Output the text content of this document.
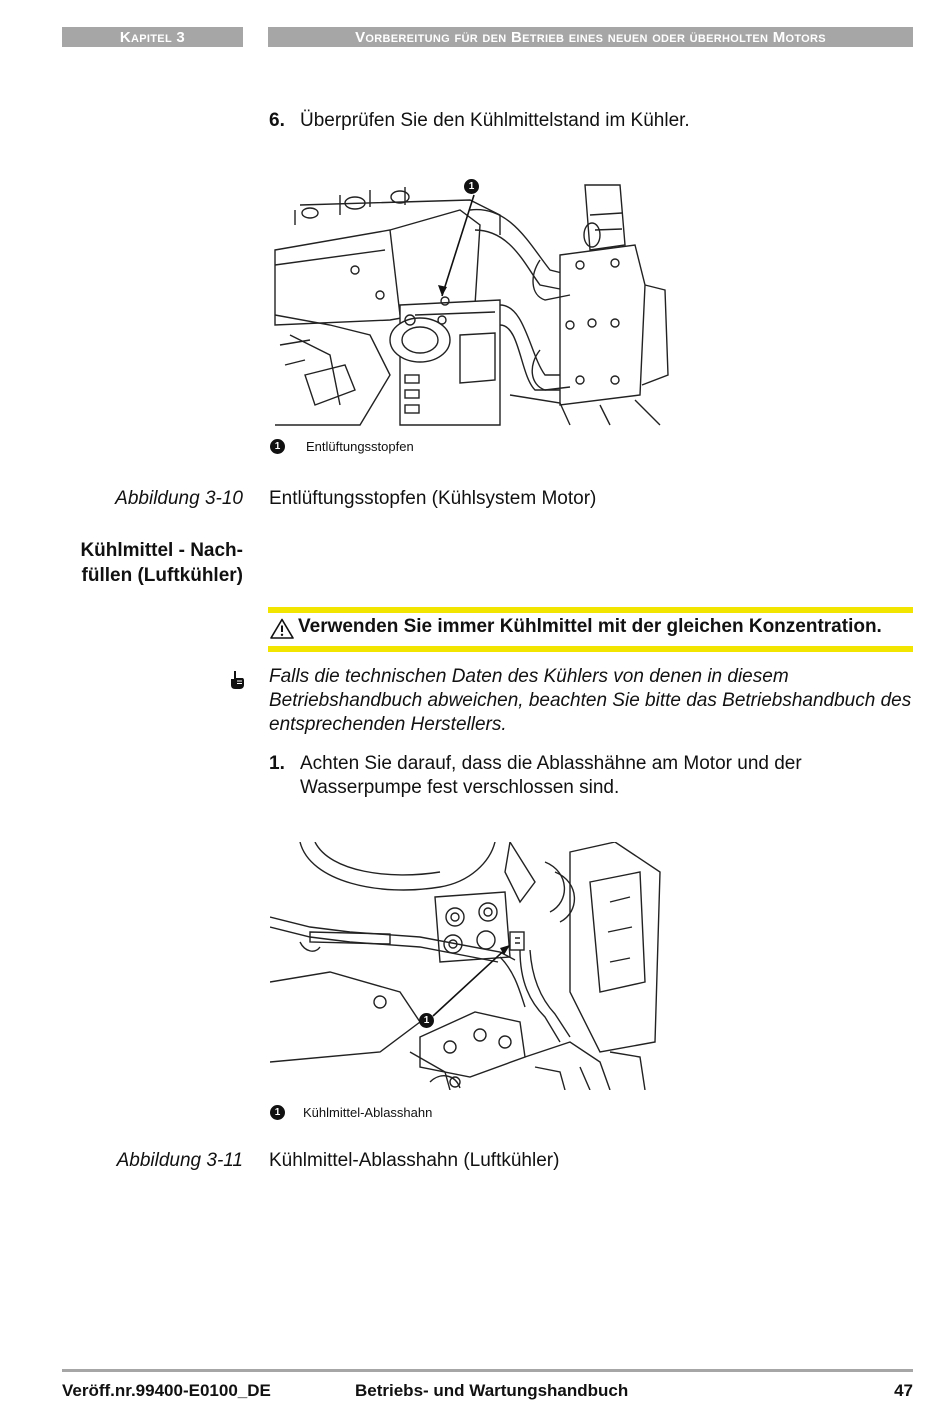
Kapitel 3	Vorbereitung für den Betrieb eines neuen oder überholten Motors
6. Überprüfen Sie den Kühlmittelstand im Kühler.
1
1	Entlüftungsstopfen
Abbildung 3-10 Entlüftungsstopfen (Kühlsystem Motor)
Kühlmittel - Nach-
füllen (Luftkühler)
Verwenden Sie immer Kühlmittel mit der gleichen Konzentration.
Falls die technischen Daten des Kühlers von denen in diesem Betriebshandbuch abweichen, beachten Sie bitte das Betriebshandbuch des entsprechenden Herstellers.
1. Achten Sie darauf, dass die Ablasshähne am Motor und der Wasserpumpe fest verschlossen sind.
1
1	Kühlmittel-Ablasshahn
Abbildung 3-11 Kühlmittel-Ablasshahn (Luftkühler)
Veröff.nr.99400-E0100_DE	Betriebs- und Wartungshandbuch	47
